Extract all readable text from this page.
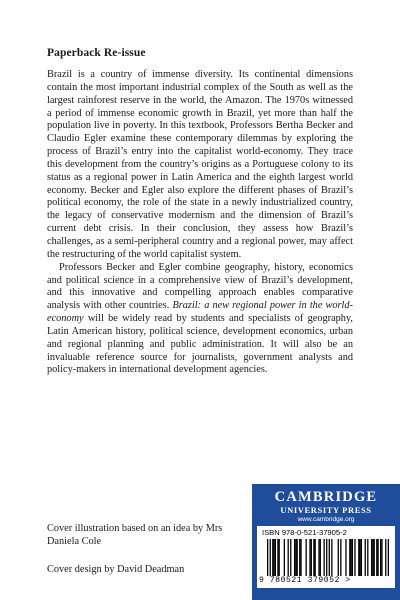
Paperback Re-issue

Brazil is a country of immense diversity. Its continental dimensions contain the most important industrial complex of the South as well as the largest rainforest reserve in the world, the Amazon. The 1970s witnessed a period of immense economic growth in Brazil, yet more than half the population live in poverty. In this textbook, Professors Bertha Becker and Claudio Egler examine these contemporary dilemmas by exploring the process of Brazil’s entry into the capitalist world-economy. They trace this development from the country’s origins as a Portuguese colony to its status as a regional power in Latin America and the eighth largest world economy. Becker and Egler also explore the different phases of Brazil’s political economy, the role of the state in a newly industrialized country, the legacy of conservative modernism and the dimension of Brazil’s current debt crisis. In their conclusion, they assess how Brazil’s challenges, as a semi-peripheral country and a regional power, may affect the restructuring of the world capitalist system.

Professors Becker and Egler combine geography, history, economics and political science in a comprehensive view of Brazil’s development, and this innovative and compelling approach enables comparative analysis with other countries. Brazil: a new regional power in the world-economy will be widely read by students and specialists of geography, Latin American history, political science, development economics, urban and regional planning and public administration. It will also be an invaluable reference source for journalists, government analysts and policy-makers in international development agencies.

Cover illustration based on an idea by Mrs Daniela Cole
Cover design by David Deadman
CAMBRIDGE
UNIVERSITY PRESS
www.cambridge.org
ISBN 978-0-521-37905-2
9 780521 379052 >
